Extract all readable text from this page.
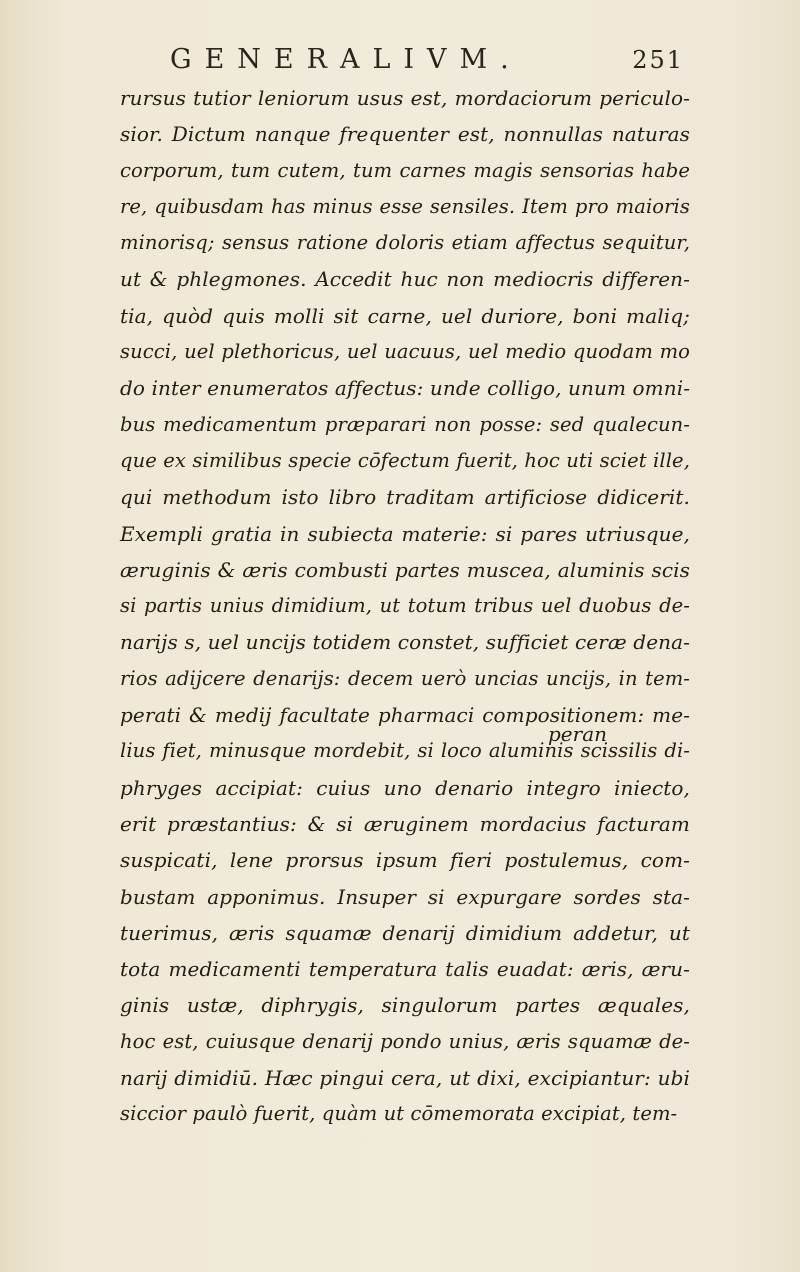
GENERALIVM.	251
rursus tutior leniorum usus est, mordaciorum periculo-
sior. Dictum nanque frequenter est, nonnullas naturas
corporum, tum cutem, tum carnes magis sensorias habe
re, quibusdam has minus esse sensiles. Item pro maioris
minorisq; sensus ratione doloris etiam affectus sequitur,
ut & phlegmones. Accedit huc non mediocris differen-
tia, quòd quis molli sit carne, uel duriore, boni maliq;
succi, uel plethoricus, uel uacuus, uel medio quodam mo
do inter enumeratos affectus: unde colligo, unum omni-
bus medicamentum præparari non posse: sed qualecun-
que ex similibus specie cōfectum fuerit, hoc uti sciet ille,
qui methodum isto libro traditam artificiose didicerit.
Exempli gratia in subiecta materie: si pares utriusque,
æruginis & æris combusti partes muscea, aluminis scis
si partis unius dimidium, ut totum tribus uel duobus de-
narijs s, uel uncijs totidem constet, sufficiet ceræ dena-
rios adijcere denarijs: decem uerò uncias uncijs, in tem-
perati & medij facultate pharmaci compositionem: me-
lius fiet, minusque mordebit, si loco aluminis scissilis di-
phryges accipiat: cuius uno denario integro iniecto,
erit præstantius: & si æruginem mordacius facturam
suspicati, lene prorsus ipsum fieri postulemus, com-
bustam apponimus. Insuper si expurgare sordes sta-
tuerimus, æris squamæ denarij dimidium addetur, ut
tota medicamenti temperatura talis euadat: æris, æru-
ginis ustæ, diphrygis, singulorum partes æquales,
hoc est, cuiusque denarij pondo unius, æris squamæ de-
narij dimidiū. Hæc pingui cera, ut dixi, excipiantur: ubi
siccior paulò fuerit, quàm ut cōmemorata excipiat, tem-
peran
